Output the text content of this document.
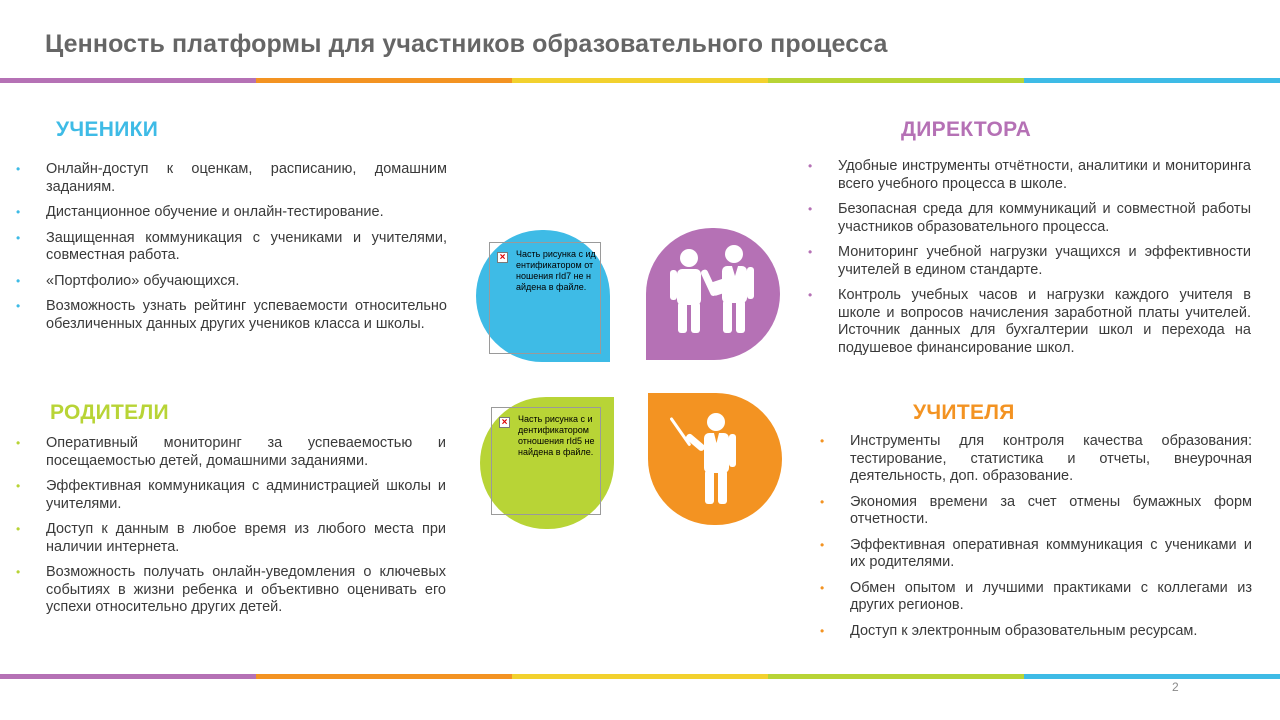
Ценность платформы для участников образовательного процесса
УЧЕНИКИ
• Онлайн-доступ к оценкам, расписанию, домашним заданиям.
• Дистанционное обучение и онлайн-тестирование.
• Защищенная коммуникация с учениками и учителями, совместная работа.
• «Портфолио» обучающихся.
• Возможность узнать рейтинг успеваемости относительно обезличенных данных других учеников класса и школы.
ДИРЕКТОРА
• Удобные инструменты отчётности, аналитики и мониторинга всего учебного процесса в школе.
• Безопасная среда для коммуникаций и совместной работы участников образовательного процесса.
• Мониторинг учебной нагрузки учащихся и эффективности учителей в едином стандарте.
• Контроль учебных часов и нагрузки каждого учителя в школе и вопросов начисления заработной платы учителей. Источник данных для бухгалтерии школ и перехода на подушевое финансирование школ.
РОДИТЕЛИ
• Оперативный мониторинг за успеваемостью и посещаемостью детей, домашними заданиями.
• Эффективная коммуникация с администрацией школы и учителями.
• Доступ к данным в любое время из любого места при наличии интернета.
• Возможность получать онлайн-уведомления о ключевых событиях в жизни ребенка и объективно оценивать его успехи относительно других детей.
УЧИТЕЛЯ
• Инструменты для контроля качества образования: тестирование, статистика и отчеты, внеурочная деятельность, доп. образование.
• Экономия времени за счет отмены бумажных форм отчетности.
• Эффективная оперативная коммуникация с учениками и их родителями.
• Обмен опытом и лучшими практиками с коллегами из других регионов.
• Доступ к электронным образовательным ресурсам.
× Часть рисунка с идентификатором отношения rId7 не найдена в файле.
× Часть рисунка с идентификатором отношения rId5 не найдена в файле.
2
